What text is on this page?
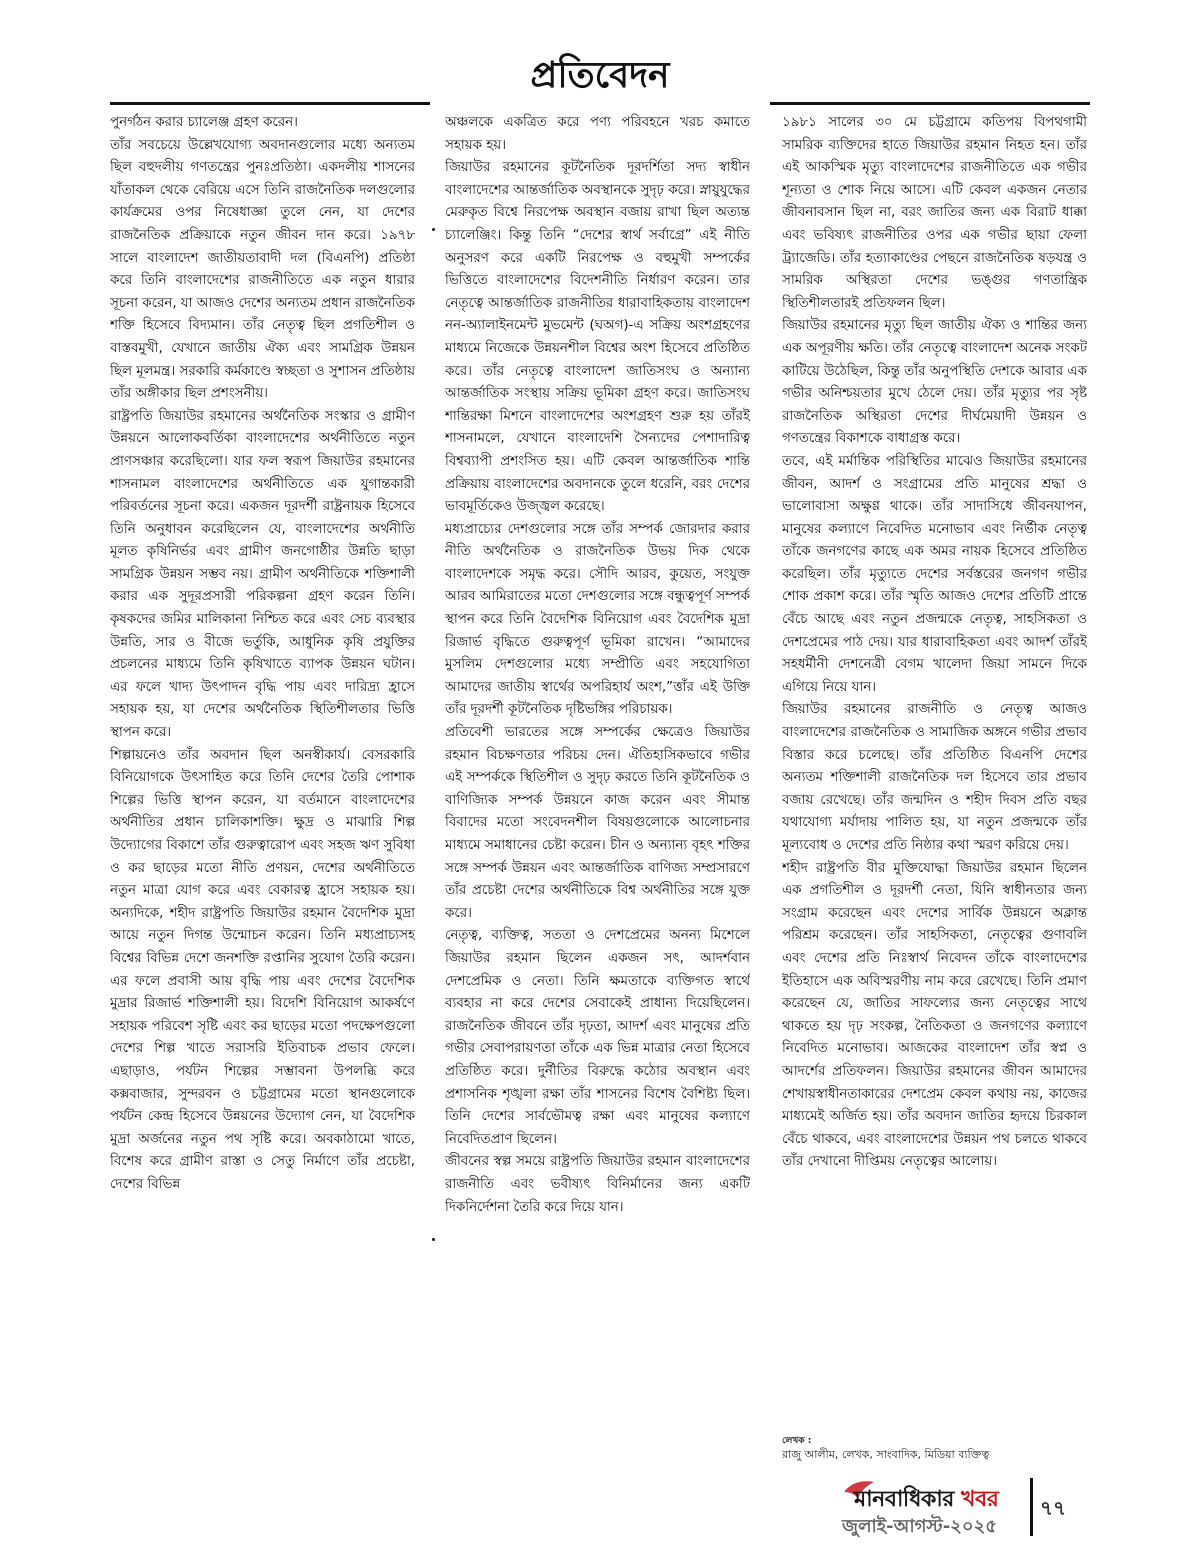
প্রতিবেদন

পুনর্গঠন করার চ্যালেঞ্জ গ্রহণ করেন।

তাঁর সবচেয়ে উল্লেখযোগ্য অবদানগুলোর মধ্যে অন্যতম ছিল বহুদলীয় গণতন্ত্রের পুনঃপ্রতিষ্ঠা। একদলীয় শাসনের যাঁতাকল থেকে বেরিয়ে এসে তিনি রাজনৈতিক দলগুলোর কার্যক্রমের ওপর নিষেধাজ্ঞা তুলে নেন, যা দেশের রাজনৈতিক প্রক্রিয়াকে নতুন জীবন দান করে। ১৯৭৮ সালে বাংলাদেশ জাতীয়তাবাদী দল (বিএনপি) প্রতিষ্ঠা করে তিনি বাংলাদেশের রাজনীতিতে এক নতুন ধারার সূচনা করেন, যা আজও দেশের অন্যতম প্রধান রাজনৈতিক শক্তি হিসেবে বিদ্যমান। তাঁর নেতৃত্ব ছিল প্রগতিশীল ও বাস্তবমুখী, যেখানে জাতীয় ঐক্য এবং সামগ্রিক উন্নয়ন ছিল মূলমন্ত্র। সরকারি কর্মকাণ্ডে স্বচ্ছতা ও সুশাসন প্রতিষ্ঠায় তাঁর অঙ্গীকার ছিল প্রশংসনীয়।

রাষ্ট্রপতি জিয়াউর রহমানের অর্থনৈতিক সংস্কার ও গ্রামীণ উন্নয়নে আলোকবর্তিকা বাংলাদেশের অর্থনীতিতে নতুন প্রাণসঞ্চার করেছিলো। যার ফল স্বরূপ জিয়াউর রহমানের শাসনামল বাংলাদেশের অর্থনীতিতে এক যুগান্তকারী পরিবর্তনের সূচনা করে। একজন দূরদর্শী রাষ্ট্রনায়ক হিসেবে তিনি অনুধাবন করেছিলেন যে, বাংলাদেশের অর্থনীতি মূলত কৃষিনির্ভর এবং গ্রামীণ জনগোষ্ঠীর উন্নতি ছাড়া সামগ্রিক উন্নয়ন সম্ভব নয়। গ্রামীণ অর্থনীতিকে শক্তিশালী করার এক সুদূরপ্রসারী পরিকল্পনা গ্রহণ করেন তিনি। কৃষকদের জমির মালিকানা নিশ্চিত করে এবং সেচ ব্যবস্থার উন্নতি, সার ও বীজে ভর্তুকি, আধুনিক কৃষি প্রযুক্তির প্রচলনের মাধ্যমে তিনি কৃষিখাতে ব্যাপক উন্নয়ন ঘটান। এর ফলে খাদ্য উৎপাদন বৃদ্ধি পায় এবং দারিদ্র্য হ্রাসে সহায়ক হয়, যা দেশের অর্থনৈতিক স্থিতিশীলতার ভিত্তি স্থাপন করে।

শিল্পায়নেও তাঁর অবদান ছিল অনস্বীকার্য। বেসরকারি বিনিয়োগকে উৎসাহিত করে তিনি দেশের তৈরি পোশাক শিল্পের ভিত্তি স্থাপন করেন, যা বর্তমানে বাংলাদেশের অর্থনীতির প্রধান চালিকাশক্তি। ক্ষুদ্র ও মাঝারি শিল্প উদ্যোগের বিকাশে তাঁর গুরুত্বারোপ এবং সহজ ঋণ সুবিধা ও কর ছাড়ের মতো নীতি প্রণয়ন, দেশের অর্থনীতিতে নতুন মাত্রা যোগ করে এবং বেকারত্ব হ্রাসে সহায়ক হয়। অন্যদিকে, শহীদ রাষ্ট্রপতি জিয়াউর রহমান বৈদেশিক মুদ্রা আয়ে নতুন দিগন্ত উন্মোচন করেন। তিনি মধ্যপ্রাচ্যসহ বিশ্বের বিভিন্ন দেশে জনশক্তি রপ্তানির সুযোগ তৈরি করেন। এর ফলে প্রবাসী আয় বৃদ্ধি পায় এবং দেশের বৈদেশিক মুদ্রার রিজার্ভ শক্তিশালী হয়। বিদেশি বিনিয়োগ আকর্ষণে সহায়ক পরিবেশ সৃষ্টি এবং কর ছাড়ের মতো পদক্ষেপগুলো দেশের শিল্প খাতে সরাসরি ইতিবাচক প্রভাব ফেলে। এছাড়াও, পর্যটন শিল্পের সম্ভাবনা উপলব্ধি করে কক্সবাজার, সুন্দরবন ও চট্টগ্রামের মতো স্থানগুলোকে পর্যটন কেন্দ্র হিসেবে উন্নয়নের উদ্যোগ নেন, যা বৈদেশিক মুদ্রা অর্জনের নতুন পথ সৃষ্টি করে। অবকাঠামো খাতে, বিশেষ করে গ্রামীণ রাস্তা ও সেতু নির্মাণে তাঁর প্রচেষ্টা, দেশের বিভিন্ন

অঞ্চলকে একত্রিত করে পণ্য পরিবহনে খরচ কমাতে সহায়ক হয়।

জিয়াউর রহমানের কূটনৈতিক দূরদর্শিতা সদ্য স্বাধীন বাংলাদেশের আন্তর্জাতিক অবস্থানকে সুদৃঢ় করে। স্নায়ুযুদ্ধের মেরুকৃত বিশ্বে নিরপেক্ষ অবস্থান বজায় রাখা ছিল অত্যন্ত চ্যালেঞ্জিং। কিন্তু তিনি “দেশের স্বার্থ সর্বাগ্রে” এই নীতি অনুসরণ করে একটি নিরপেক্ষ ও বহুমুখী সম্পর্কের ভিত্তিতে বাংলাদেশের বিদেশনীতি নির্ধারণ করেন। তার নেতৃত্বে আন্তর্জাতিক রাজনীতির ধারাবাহিকতায় বাংলাদেশ নন-অ্যালাইনমেন্ট মুভমেন্ট (ঘঅগ)-এ সক্রিয় অংশগ্রহণের মাধ্যমে নিজেকে উন্নয়নশীল বিশ্বের অংশ হিসেবে প্রতিষ্ঠিত করে। তাঁর নেতৃত্বে বাংলাদেশ জাতিসংঘ ও অন্যান্য আন্তর্জাতিক সংস্থায় সক্রিয় ভূমিকা গ্রহণ করে। জাতিসংঘ শান্তিরক্ষা মিশনে বাংলাদেশের অংশগ্রহণ শুরু হয় তাঁরই শাসনামলে, যেখানে বাংলাদেশি সৈন্যদের পেশাদারিত্ব বিশ্বব্যাপী প্রশংসিত হয়। এটি কেবল আন্তর্জাতিক শান্তি প্রক্রিয়ায় বাংলাদেশের অবদানকে তুলে ধরেনি, বরং দেশের ভাবমূর্তিকেও উজ্জ্বল করেছে।

মধ্যপ্রাচ্যের দেশগুলোর সঙ্গে তাঁর সম্পর্ক জোরদার করার নীতি অর্থনৈতিক ও রাজনৈতিক উভয় দিক থেকে বাংলাদেশকে সমৃদ্ধ করে। সৌদি আরব, কুয়েত, সংযুক্ত আরব আমিরাতের মতো দেশগুলোর সঙ্গে বন্ধুত্বপূর্ণ সম্পর্ক স্থাপন করে তিনি বৈদেশিক বিনিয়োগ এবং বৈদেশিক মুদ্রা রিজার্ভ বৃদ্ধিতে গুরুত্বপূর্ণ ভূমিকা রাখেন। “আমাদের মুসলিম দেশগুলোর মধ্যে সম্প্রীতি এবং সহযোগিতা আমাদের জাতীয় স্বার্থের অপরিহার্য অংশ,”ত্তাঁর এই উক্তি তাঁর দূরদর্শী কূটনৈতিক দৃষ্টিভঙ্গির পরিচায়ক।

প্রতিবেশী ভারতের সঙ্গে সম্পর্কের ক্ষেত্রেও জিয়াউর রহমান বিচক্ষণতার পরিচয় দেন। ঐতিহাসিকভাবে গভীর এই সম্পর্ককে স্থিতিশীল ও সুদৃঢ় করতে তিনি কূটনৈতিক ও বাণিজ্যিক সম্পর্ক উন্নয়নে কাজ করেন এবং সীমান্ত বিবাদের মতো সংবেদনশীল বিষয়গুলোকে আলোচনার মাধ্যমে সমাধানের চেষ্টা করেন। চীন ও অন্যান্য বৃহৎ শক্তির সঙ্গে সম্পর্ক উন্নয়ন এবং আন্তর্জাতিক বাণিজ্য সম্প্রসারণে তাঁর প্রচেষ্টা দেশের অর্থনীতিকে বিশ্ব অর্থনীতির সঙ্গে যুক্ত করে।

নেতৃত্ব, ব্যক্তিত্ব, সততা ও দেশপ্রেমের অনন্য মিশেলে জিয়াউর রহমান ছিলেন একজন সৎ, আদর্শবান দেশপ্রেমিক ও নেতা। তিনি ক্ষমতাকে ব্যক্তিগত স্বার্থে ব্যবহার না করে দেশের সেবাকেই প্রাধান্য দিয়েছিলেন। রাজনৈতিক জীবনে তাঁর দৃঢ়তা, আদর্শ এবং মানুষের প্রতি গভীর সেবাপরায়ণতা তাঁকে এক ভিন্ন মাত্রার নেতা হিসেবে প্রতিষ্ঠিত করে। দুর্নীতির বিরুদ্ধে কঠোর অবস্থান এবং প্রশাসনিক শৃঙ্খলা রক্ষা তাঁর শাসনের বিশেষ বৈশিষ্ট্য ছিল। তিনি দেশের সার্বভৌমত্ব রক্ষা এবং মানুষের কল্যাণে নিবেদিতপ্রাণ ছিলেন।

জীবনের স্বল্প সময়ে রাষ্ট্রপতি জিয়াউর রহমান বাংলাদেশের রাজনীতি এবং ভবীষ্যৎ বিনির্মানের জন্য একটি দিকনির্দেশনা তৈরি করে দিয়ে যান।

১৯৮১ সালের ৩০ মে চট্টগ্রামে কতিপয় বিপথগামী সামরিক ব্যক্তিদের হাতে জিয়াউর রহমান নিহত হন। তাঁর এই আকস্মিক মৃত্যু বাংলাদেশের রাজনীতিতে এক গভীর শূন্যতা ও শোক নিয়ে আসে। এটি কেবল একজন নেতার জীবনাবসান ছিল না, বরং জাতির জন্য এক বিরাট ধাক্কা এবং ভবিষ্যৎ রাজনীতির ওপর এক গভীর ছায়া ফেলা ট্র্যাজেডি। তাঁর হত্যাকাণ্ডের পেছনে রাজনৈতিক ষড়যন্ত্র ও সামরিক অস্থিরতা দেশের ভঙ্গুর গণতান্ত্রিক স্থিতিশীলতারই প্রতিফলন ছিল।

জিয়াউর রহমানের মৃত্যু ছিল জাতীয় ঐক্য ও শান্তির জন্য এক অপূরণীয় ক্ষতি। তাঁর নেতৃত্বে বাংলাদেশ অনেক সংকট কাটিয়ে উঠেছিল, কিন্তু তাঁর অনুপস্থিতি দেশকে আবার এক গভীর অনিশ্চয়তার মুখে ঠেলে দেয়। তাঁর মৃত্যুর পর সৃষ্ট রাজনৈতিক অস্থিরতা দেশের দীর্ঘমেয়াদী উন্নয়ন ও গণতন্ত্রের বিকাশকে বাধাগ্রস্ত করে।

তবে, এই মর্মান্তিক পরিস্থিতির মাঝেও জিয়াউর রহমানের জীবন, আদর্শ ও সংগ্রামের প্রতি মানুষের শ্রদ্ধা ও ভালোবাসা অক্ষুণ্ণ থাকে। তাঁর সাদাসিধে জীবনযাপন, মানুষের কল্যাণে নিবেদিত মনোভাব এবং নির্ভীক নেতৃত্ব তাঁকে জনগণের কাছে এক অমর নায়ক হিসেবে প্রতিষ্ঠিত করেছিল। তাঁর মৃত্যুতে দেশের সর্বস্তরের জনগণ গভীর শোক প্রকাশ করে। তাঁর স্মৃতি আজও দেশের প্রতিটি প্রান্তে বেঁচে আছে এবং নতুন প্রজন্মকে নেতৃত্ব, সাহসিকতা ও দেশপ্রেমের পাঠ দেয়। যার ধারাবাহিকতা এবং আদর্শ তাঁরই সহধর্মীনী দেশনেত্রী বেগম খালেদা জিয়া সামনে দিকে এগিয়ে নিয়ে যান।

জিয়াউর রহমানের রাজনীতি ও নেতৃত্ব আজও বাংলাদেশের রাজনৈতিক ও সামাজিক অঙ্গনে গভীর প্রভাব বিস্তার করে চলেছে। তাঁর প্রতিষ্ঠিত বিএনপি দেশের অন্যতম শক্তিশালী রাজনৈতিক দল হিসেবে তার প্রভাব বজায় রেখেছে। তাঁর জন্মদিন ও শহীদ দিবস প্রতি বছর যথাযোগ্য মর্যাদায় পালিত হয়, যা নতুন প্রজন্মকে তাঁর মূল্যবোধ ও দেশের প্রতি নিষ্ঠার কথা স্মরণ করিয়ে দেয়।

শহীদ রাষ্ট্রপতি বীর মুক্তিযোদ্ধা জিয়াউর রহমান ছিলেন এক প্রগতিশীল ও দূরদর্শী নেতা, যিনি স্বাধীনতার জন্য সংগ্রাম করেছেন এবং দেশের সার্বিক উন্নয়নে অক্লান্ত পরিশ্রম করেছেন। তাঁর সাহসিকতা, নেতৃত্বের গুণাবলি এবং দেশের প্রতি নিঃস্বার্থ নিবেদন তাঁকে বাংলাদেশের ইতিহাসে এক অবিস্মরণীয় নাম করে রেখেছে। তিনি প্রমাণ করেছেন যে, জাতির সাফল্যের জন্য নেতৃত্বের সাথে থাকতে হয় দৃঢ় সংকল্প, নৈতিকতা ও জনগণের কল্যাণে নিবেদিত মনোভাব। আজকের বাংলাদেশ তাঁর স্বপ্ন ও আদর্শের প্রতিফলন। জিয়াউর রহমানের জীবন আমাদের শেখায়স্বাধীনতাকারের দেশপ্রেম কেবল কথায় নয়, কাজের মাধ্যমেই অর্জিত হয়। তাঁর অবদান জাতির হৃদয়ে চিরকাল বেঁচে থাকবে, এবং বাংলাদেশের উন্নয়ন পথ চলতে থাকবে তাঁর দেখানো দীপ্তিময় নেতৃত্বের আলোয়।

লেখক :
রাজু আলীম, লেখক, সাংবাদিক, মিডিয়া ব্যক্তিত্ব
মানবাধিকার খবর
জুলাই-আগস্ট-২০২৫
৭৭
